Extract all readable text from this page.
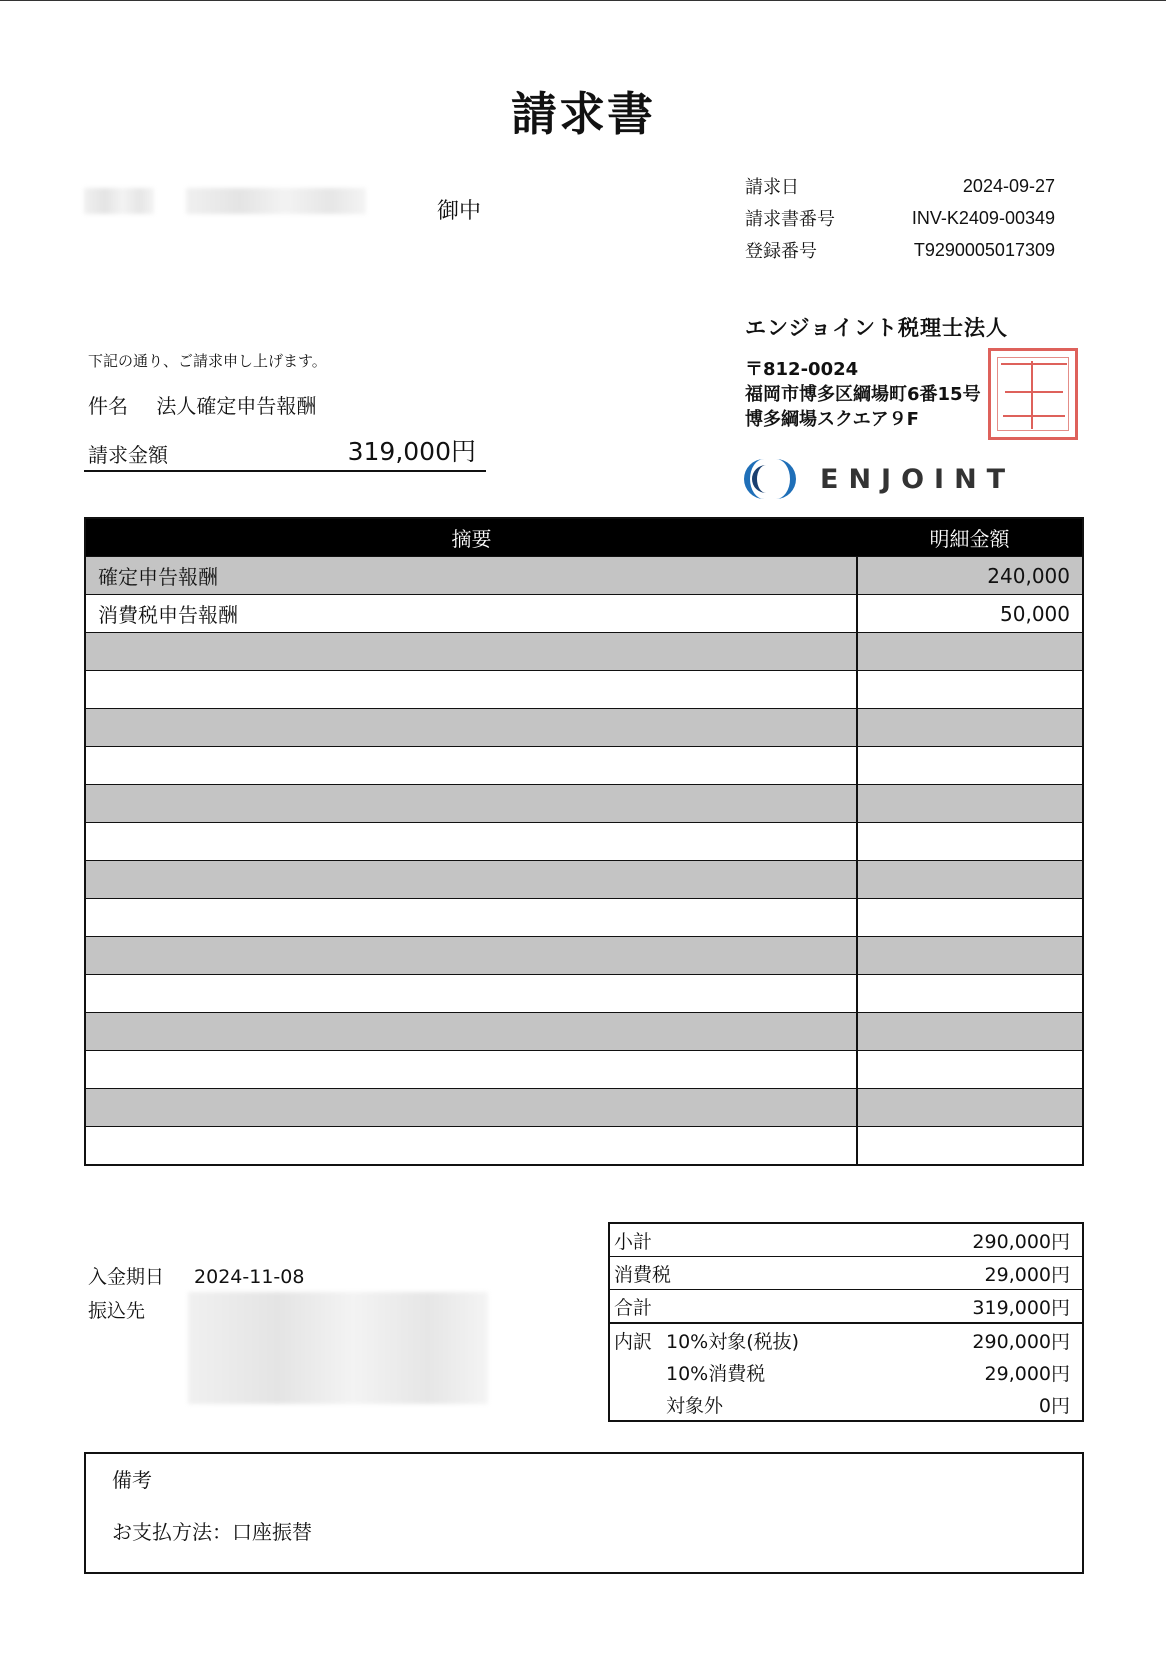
請求書
御中
請求日	2024-09-27
請求書番号	INV-K2409-00349
登録番号	T9290005017309
エンジョイント税理士法人
〒812-0024
福岡市博多区綱場町6番15号
博多綱場スクエア９F
ENJOINT
下記の通り、ご請求申し上げます。
件名 法人確定申告報酬
請求金額	319,000円
摘要	明細金額
確定申告報酬	240,000
消費税申告報酬	50,000

入金期日 2024-11-08
振込先
小計	290,000円
消費税	29,000円
合計	319,000円
内訳 10%対象(税抜)	290,000円
10%消費税	29,000円
対象外	0円
備考
お支払方法：口座振替
